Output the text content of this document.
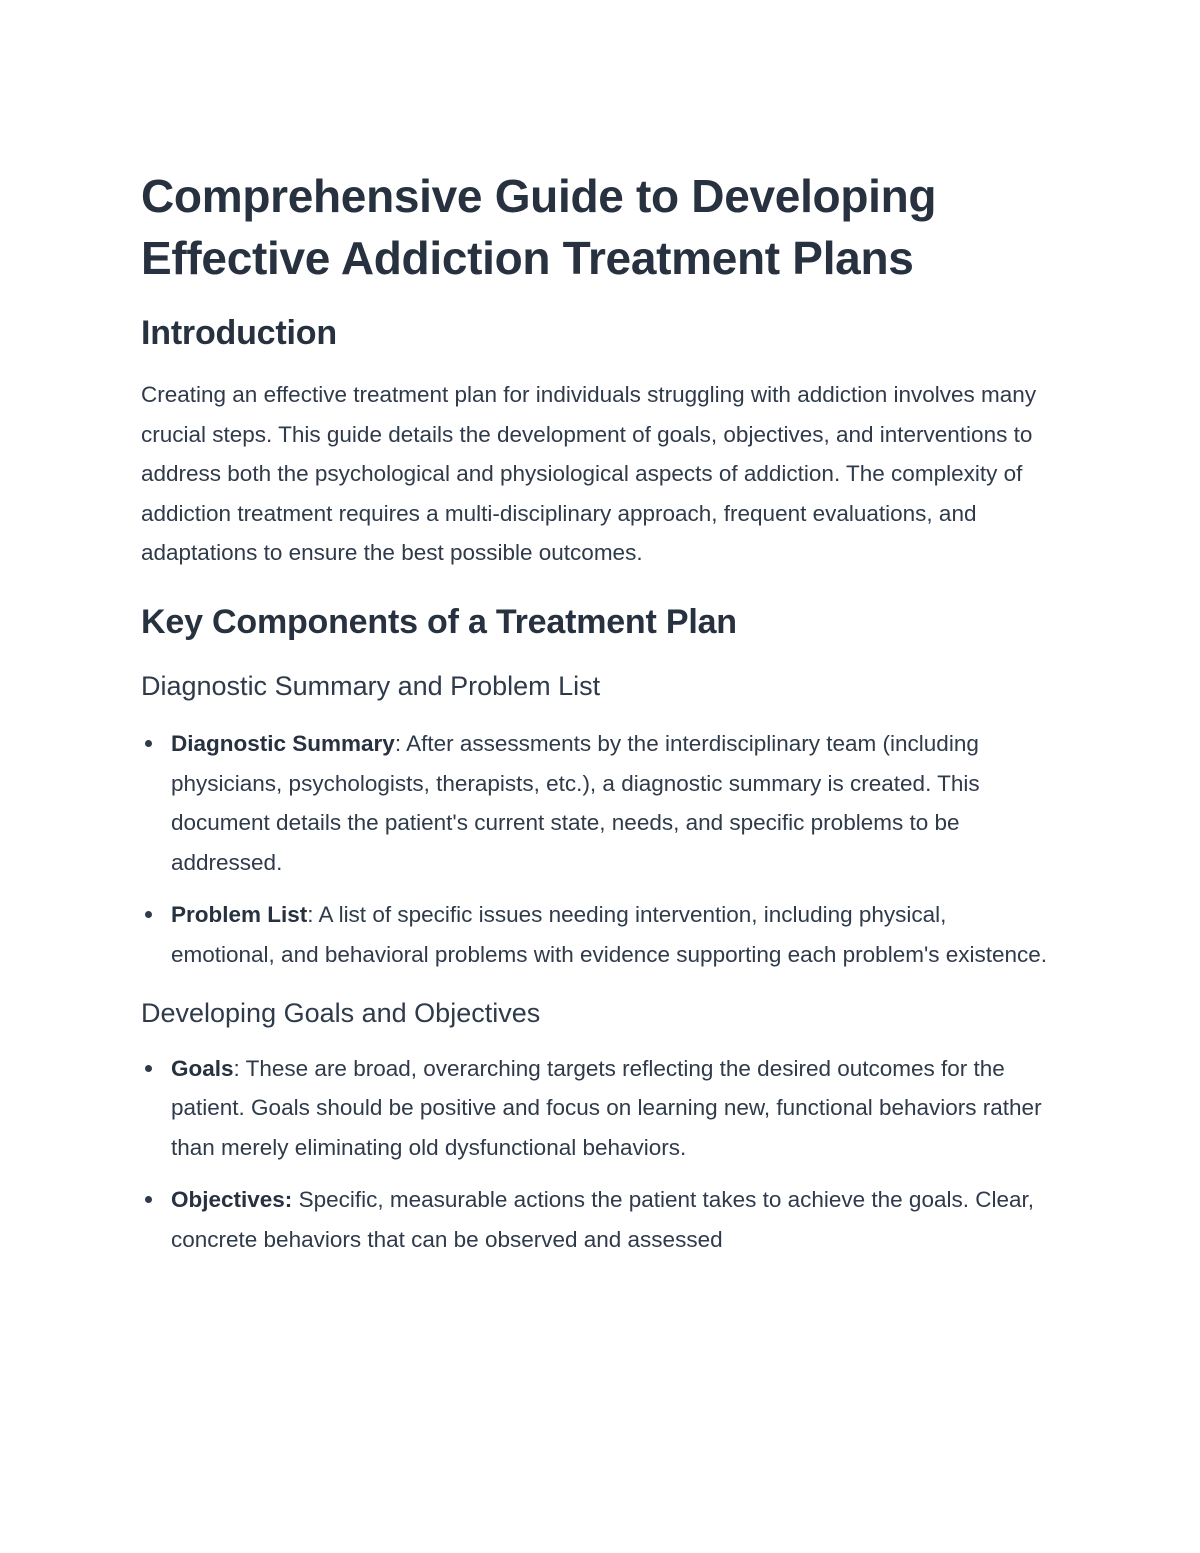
Comprehensive Guide to Developing Effective Addiction Treatment Plans
Introduction

Creating an effective treatment plan for individuals struggling with addiction involves many crucial steps. This guide details the development of goals, objectives, and interventions to address both the psychological and physiological aspects of addiction. The complexity of addiction treatment requires a multi-disciplinary approach, frequent evaluations, and adaptations to ensure the best possible outcomes.

Key Components of a Treatment Plan
Diagnostic Summary and Problem List
Diagnostic Summary: After assessments by the interdisciplinary team (including physicians, psychologists, therapists, etc.), a diagnostic summary is created. This document details the patient's current state, needs, and specific problems to be addressed.
Problem List: A list of specific issues needing intervention, including physical, emotional, and behavioral problems with evidence supporting each problem's existence.
Developing Goals and Objectives
Goals: These are broad, overarching targets reflecting the desired outcomes for the patient. Goals should be positive and focus on learning new, functional behaviors rather than merely eliminating old dysfunctional behaviors.
Objectives: Specific, measurable actions the patient takes to achieve the goals. Clear, concrete behaviors that can be observed and assessed
